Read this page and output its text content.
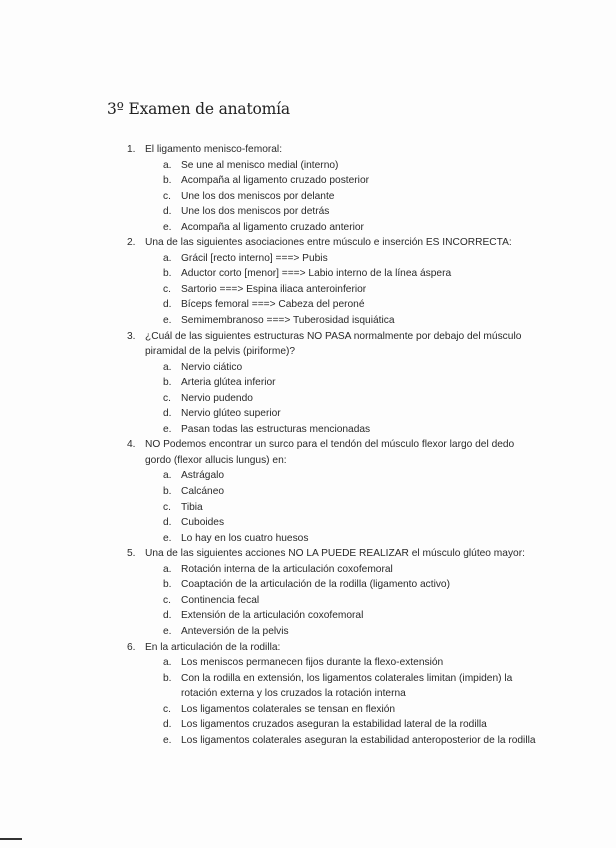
3º Examen de anatomía
1. El ligamento menisco-femoral:
a. Se une al menisco medial (interno)
b. Acompaña al ligamento cruzado posterior
c. Une los dos meniscos por delante
d. Une los dos meniscos por detrás
e. Acompaña al ligamento cruzado anterior
2. Una de las siguientes asociaciones entre músculo e inserción ES INCORRECTA:
a. Grácil [recto interno] ===> Pubis
b. Aductor corto [menor] ===> Labio interno de la línea áspera
c. Sartorio ===> Espina iliaca anteroinferior
d. Bíceps femoral ===> Cabeza del peroné
e. Semimembranoso ===> Tuberosidad isquiática
3. ¿Cuál de las siguientes estructuras NO PASA normalmente por debajo del músculo piramidal de la pelvis (piriforme)?
a. Nervio ciático
b. Arteria glútea inferior
c. Nervio pudendo
d. Nervio glúteo superior
e. Pasan todas las estructuras mencionadas
4. NO Podemos encontrar un surco para el tendón del músculo flexor largo del dedo gordo (flexor allucis lungus) en:
a. Astrágalo
b. Calcáneo
c. Tibia
d. Cuboides
e. Lo hay en los cuatro huesos
5. Una de las siguientes acciones NO LA PUEDE REALIZAR el músculo glúteo mayor:
a. Rotación interna de la articulación coxofemoral
b. Coaptación de la articulación de la rodilla (ligamento activo)
c. Continencia fecal
d. Extensión de la articulación coxofemoral
e. Anteversión de la pelvis
6. En la articulación de la rodilla:
a. Los meniscos permanecen fijos durante la flexo-extensión
b. Con la rodilla en extensión, los ligamentos colaterales limitan (impiden) la rotación externa y los cruzados la rotación interna
c. Los ligamentos colaterales se tensan en flexión
d. Los ligamentos cruzados aseguran la estabilidad lateral de la rodilla
e. Los ligamentos colaterales aseguran la estabilidad anteroposterior de la rodilla
